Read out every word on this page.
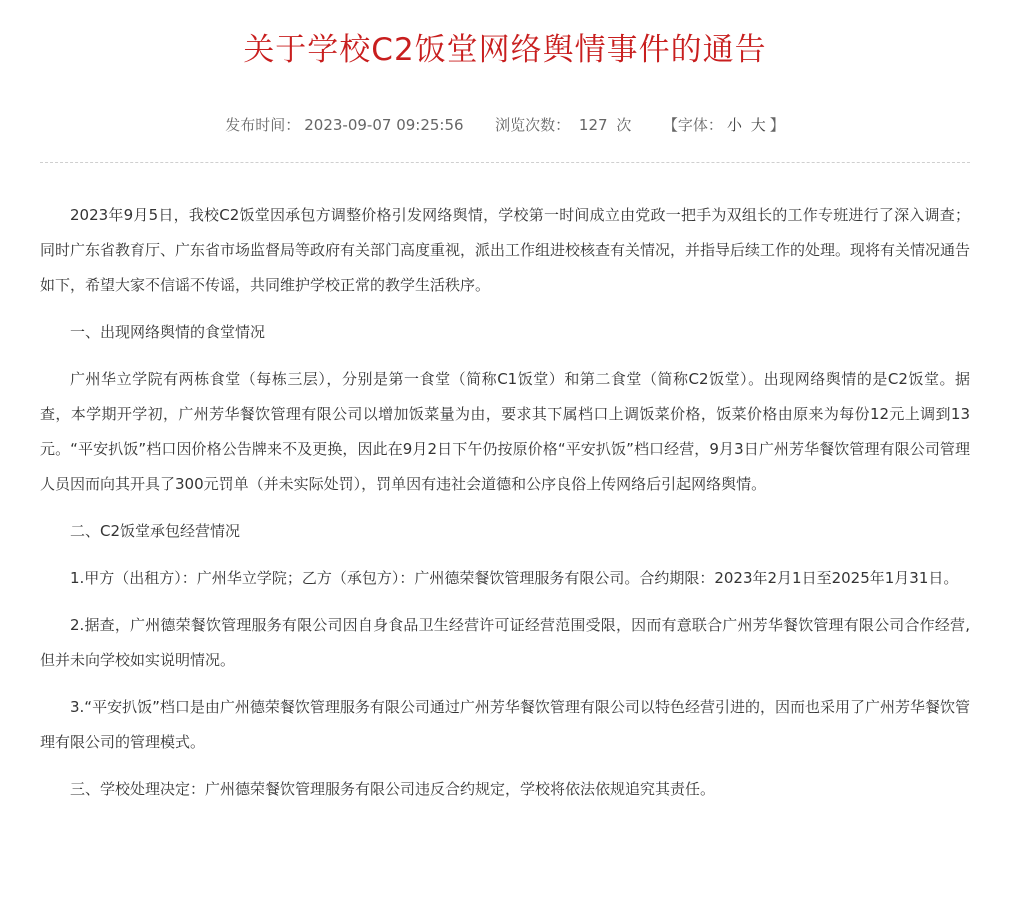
关于学校C2饭堂网络舆情事件的通告
发布时间： 2023-09-07 09:25:56 浏览次数： 127 次 【字体： 小 大 】

2023年9月5日，我校C2饭堂因承包方调整价格引发网络舆情，学校第一时间成立由党政一把手为双组长的工作专班进行了深入调查；同时广东省教育厅、广东省市场监督局等政府有关部门高度重视，派出工作组进校核查有关情况，并指导后续工作的处理。现将有关情况通告如下，希望大家不信谣不传谣，共同维护学校正常的教学生活秩序。

一、出现网络舆情的食堂情况

广州华立学院有两栋食堂（每栋三层），分别是第一食堂（简称C1饭堂）和第二食堂（简称C2饭堂）。出现网络舆情的是C2饭堂。据查，本学期开学初，广州芳华餐饮管理有限公司以增加饭菜量为由，要求其下属档口上调饭菜价格，饭菜价格由原来为每份12元上调到13元。“平安扒饭”档口因价格公告牌来不及更换，因此在9月2日下午仍按原价格“平安扒饭”档口经营，9月3日广州芳华餐饮管理有限公司管理人员因而向其开具了300元罚单（并未实际处罚），罚单因有违社会道德和公序良俗上传网络后引起网络舆情。

二、C2饭堂承包经营情况

1.甲方（出租方）：广州华立学院；乙方（承包方）：广州德荣餐饮管理服务有限公司。合约期限：2023年2月1日至2025年1月31日。

2.据查，广州德荣餐饮管理服务有限公司因自身食品卫生经营许可证经营范围受限，因而有意联合广州芳华餐饮管理有限公司合作经营,但并未向学校如实说明情况。

3.“平安扒饭”档口是由广州德荣餐饮管理服务有限公司通过广州芳华餐饮管理有限公司以特色经营引进的，因而也采用了广州芳华餐饮管理有限公司的管理模式。

三、学校处理决定：广州德荣餐饮管理服务有限公司违反合约规定，学校将依法依规追究其责任。
